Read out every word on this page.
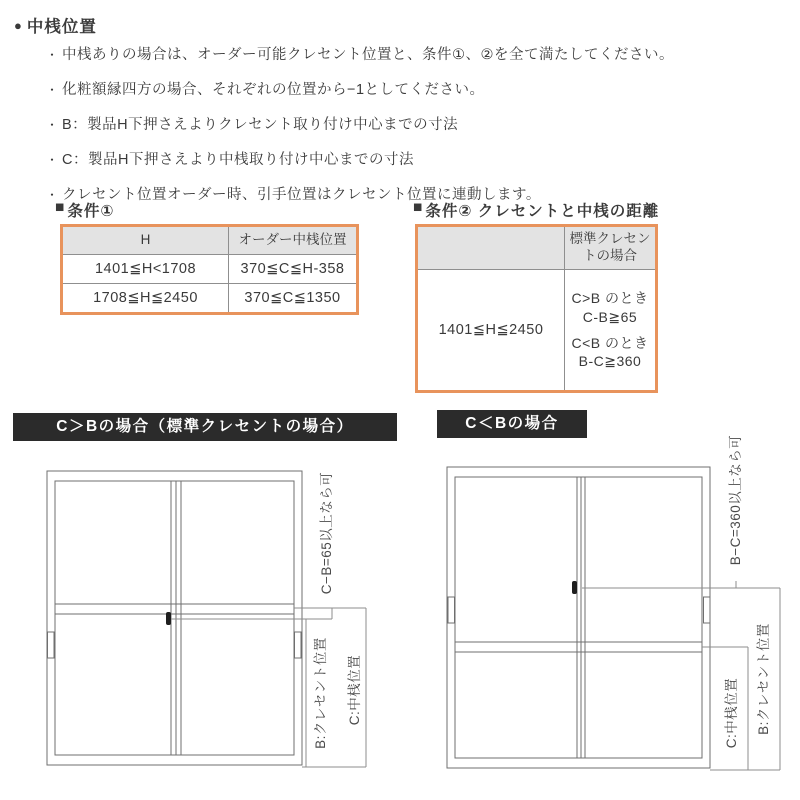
● 中桟位置
・ 中桟ありの場合は、オーダー可能クレセント位置と、条件①、②を全て満たしてください。
・ 化粧額縁四方の場合、それぞれの位置から−1としてください。
・ B：製品H下押さえよりクレセント取り付け中心までの寸法
・ C：製品H下押さえより中桟取り付け中心までの寸法
・ クレセント位置オーダー時、引手位置はクレセント位置に連動します。
■ 条件①
H	オーダー中桟位置
1401≦H<1708	370≦C≦H-358
1708≦H≦2450	370≦C≦1350
■ 条件② クレセントと中桟の距離
	標準クレセントの場合
1401≦H≦2450	C>B のとき
C-B≧65
C<B のとき
B-C≧360
C＞Bの場合（標準クレセントの場合）	C＜Bの場合
C−B=65以上なら可
B:クレセント位置 C:中桟位置
B−C=360以上なら可
C:中桟位置 B:クレセント位置
